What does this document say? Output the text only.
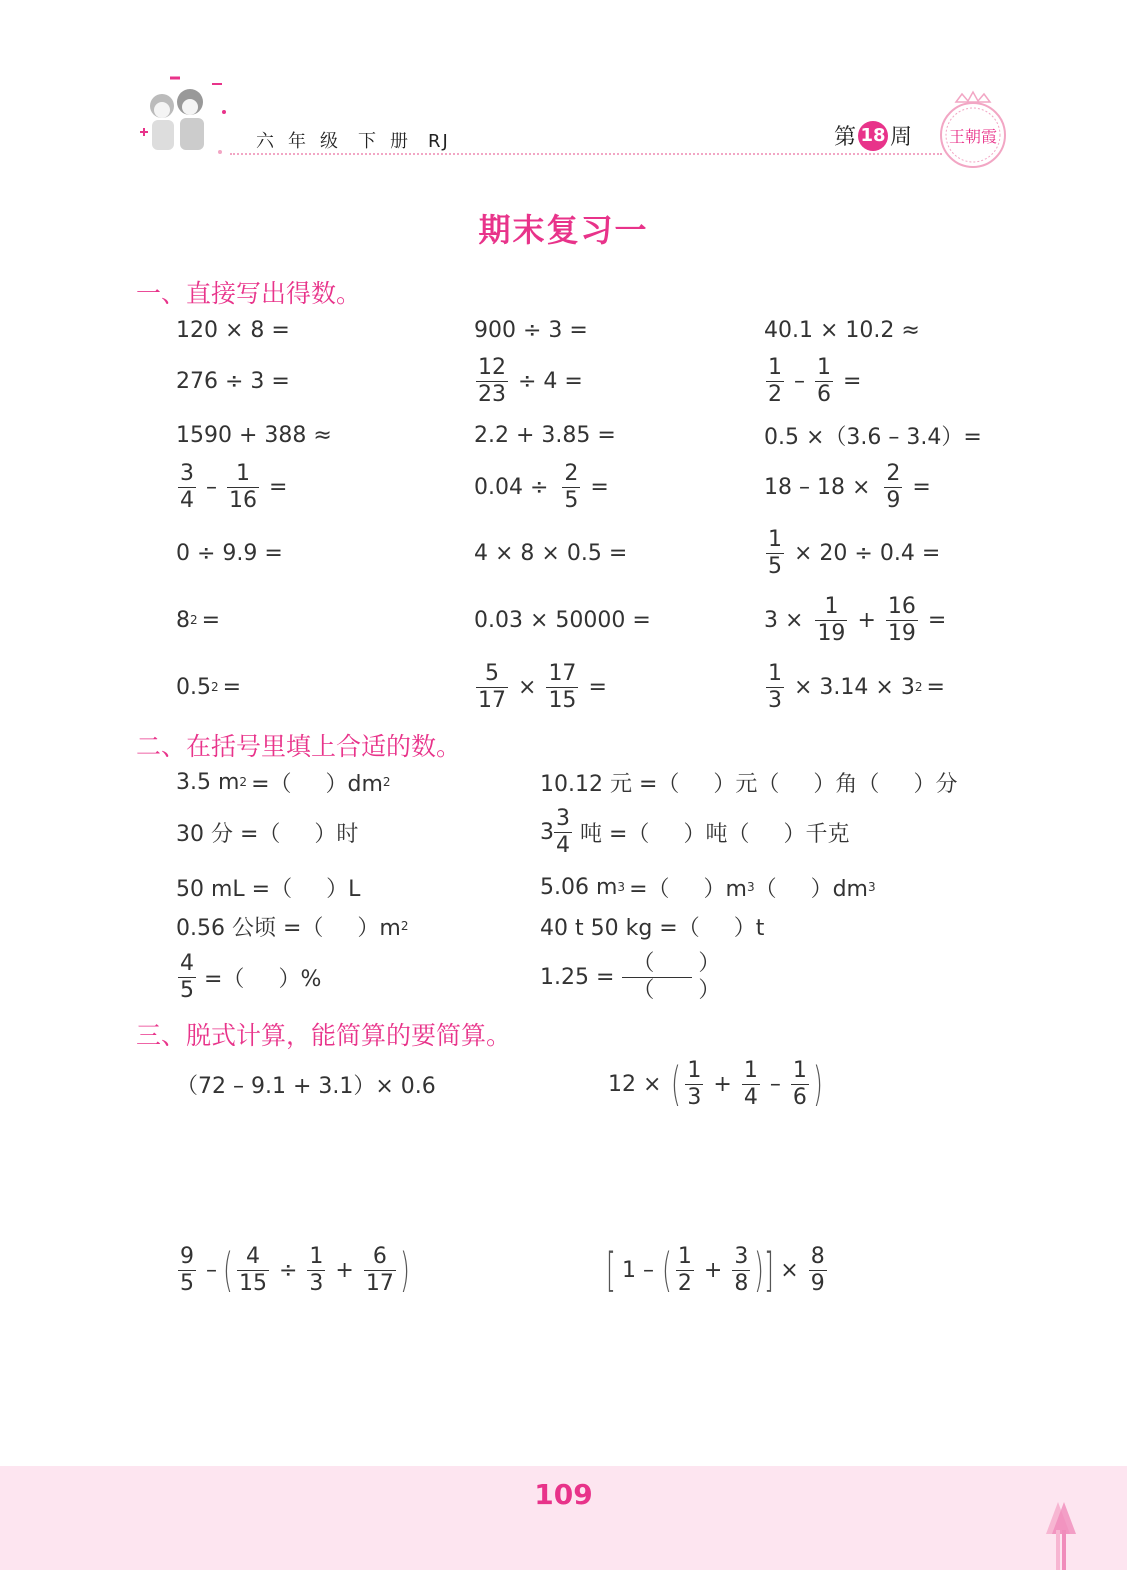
六 年 级 下 册 RJ	第 18 周 王朝霞
期末复习一
一、直接写出得数。
120 × 8 =	900 ÷ 3 =	40.1 × 10.2 ≈
276 ÷ 3 =	$\frac{12}{23} \div 4$ =	$\frac{1}{2} - \frac{1}{6}$ =
1590 + 388 ≈	2.2 + 3.85 =	0.5 ×（3.6 – 3.4）=
$\frac{3}{4} - \frac{1}{16}$ =	$0.04 \div \frac{2}{5}$ =	$18 - 18 \times \frac{2}{9}$ =
0 ÷ 9.9 =	4 × 8 × 0.5 =	$\frac{1}{5} \times 20 \div 0.4$ =
8 2 =	0.03 × 50000 =	$3 \times \frac{1}{19} + \frac{16}{19}$ =
0.5 2 =	$\frac{5}{17} \times \frac{17}{15}$ =	$\frac{1}{3} \times 3.14 \times 3$ 2 =
二、在括号里填上合适的数。
3.5 m 2 =（ ）dm 2	10.12 元 =（ ）元（ ）角（ ）分
30 分 =（ ）时	$3 \frac{3}{4}$ 吨 =（ ）吨（ ）千克
50 mL =（ ）L	5.06 m 3 =（ ）m 3 （ ）dm 3
0.56 公顷 =（ ）m 2	40 t 50 kg =（ ）t
$\frac{4}{5}$ =（ ）%	$1.25 = \frac{( )}{( )}$
三、脱式计算，能简算的要简算。
（72 – 9.1 + 3.1）× 0.6	12 × ( $\frac{1}{3} + \frac{1}{4} - \frac{1}{6}$ )
$\frac{9}{5}$ – ( $\frac{4}{15} \div \frac{1}{3} + \frac{6}{17}$ )	[ 1 – ( $\frac{1}{2} + \frac{3}{8}$ ) ] × $\frac{8}{9}$
109
